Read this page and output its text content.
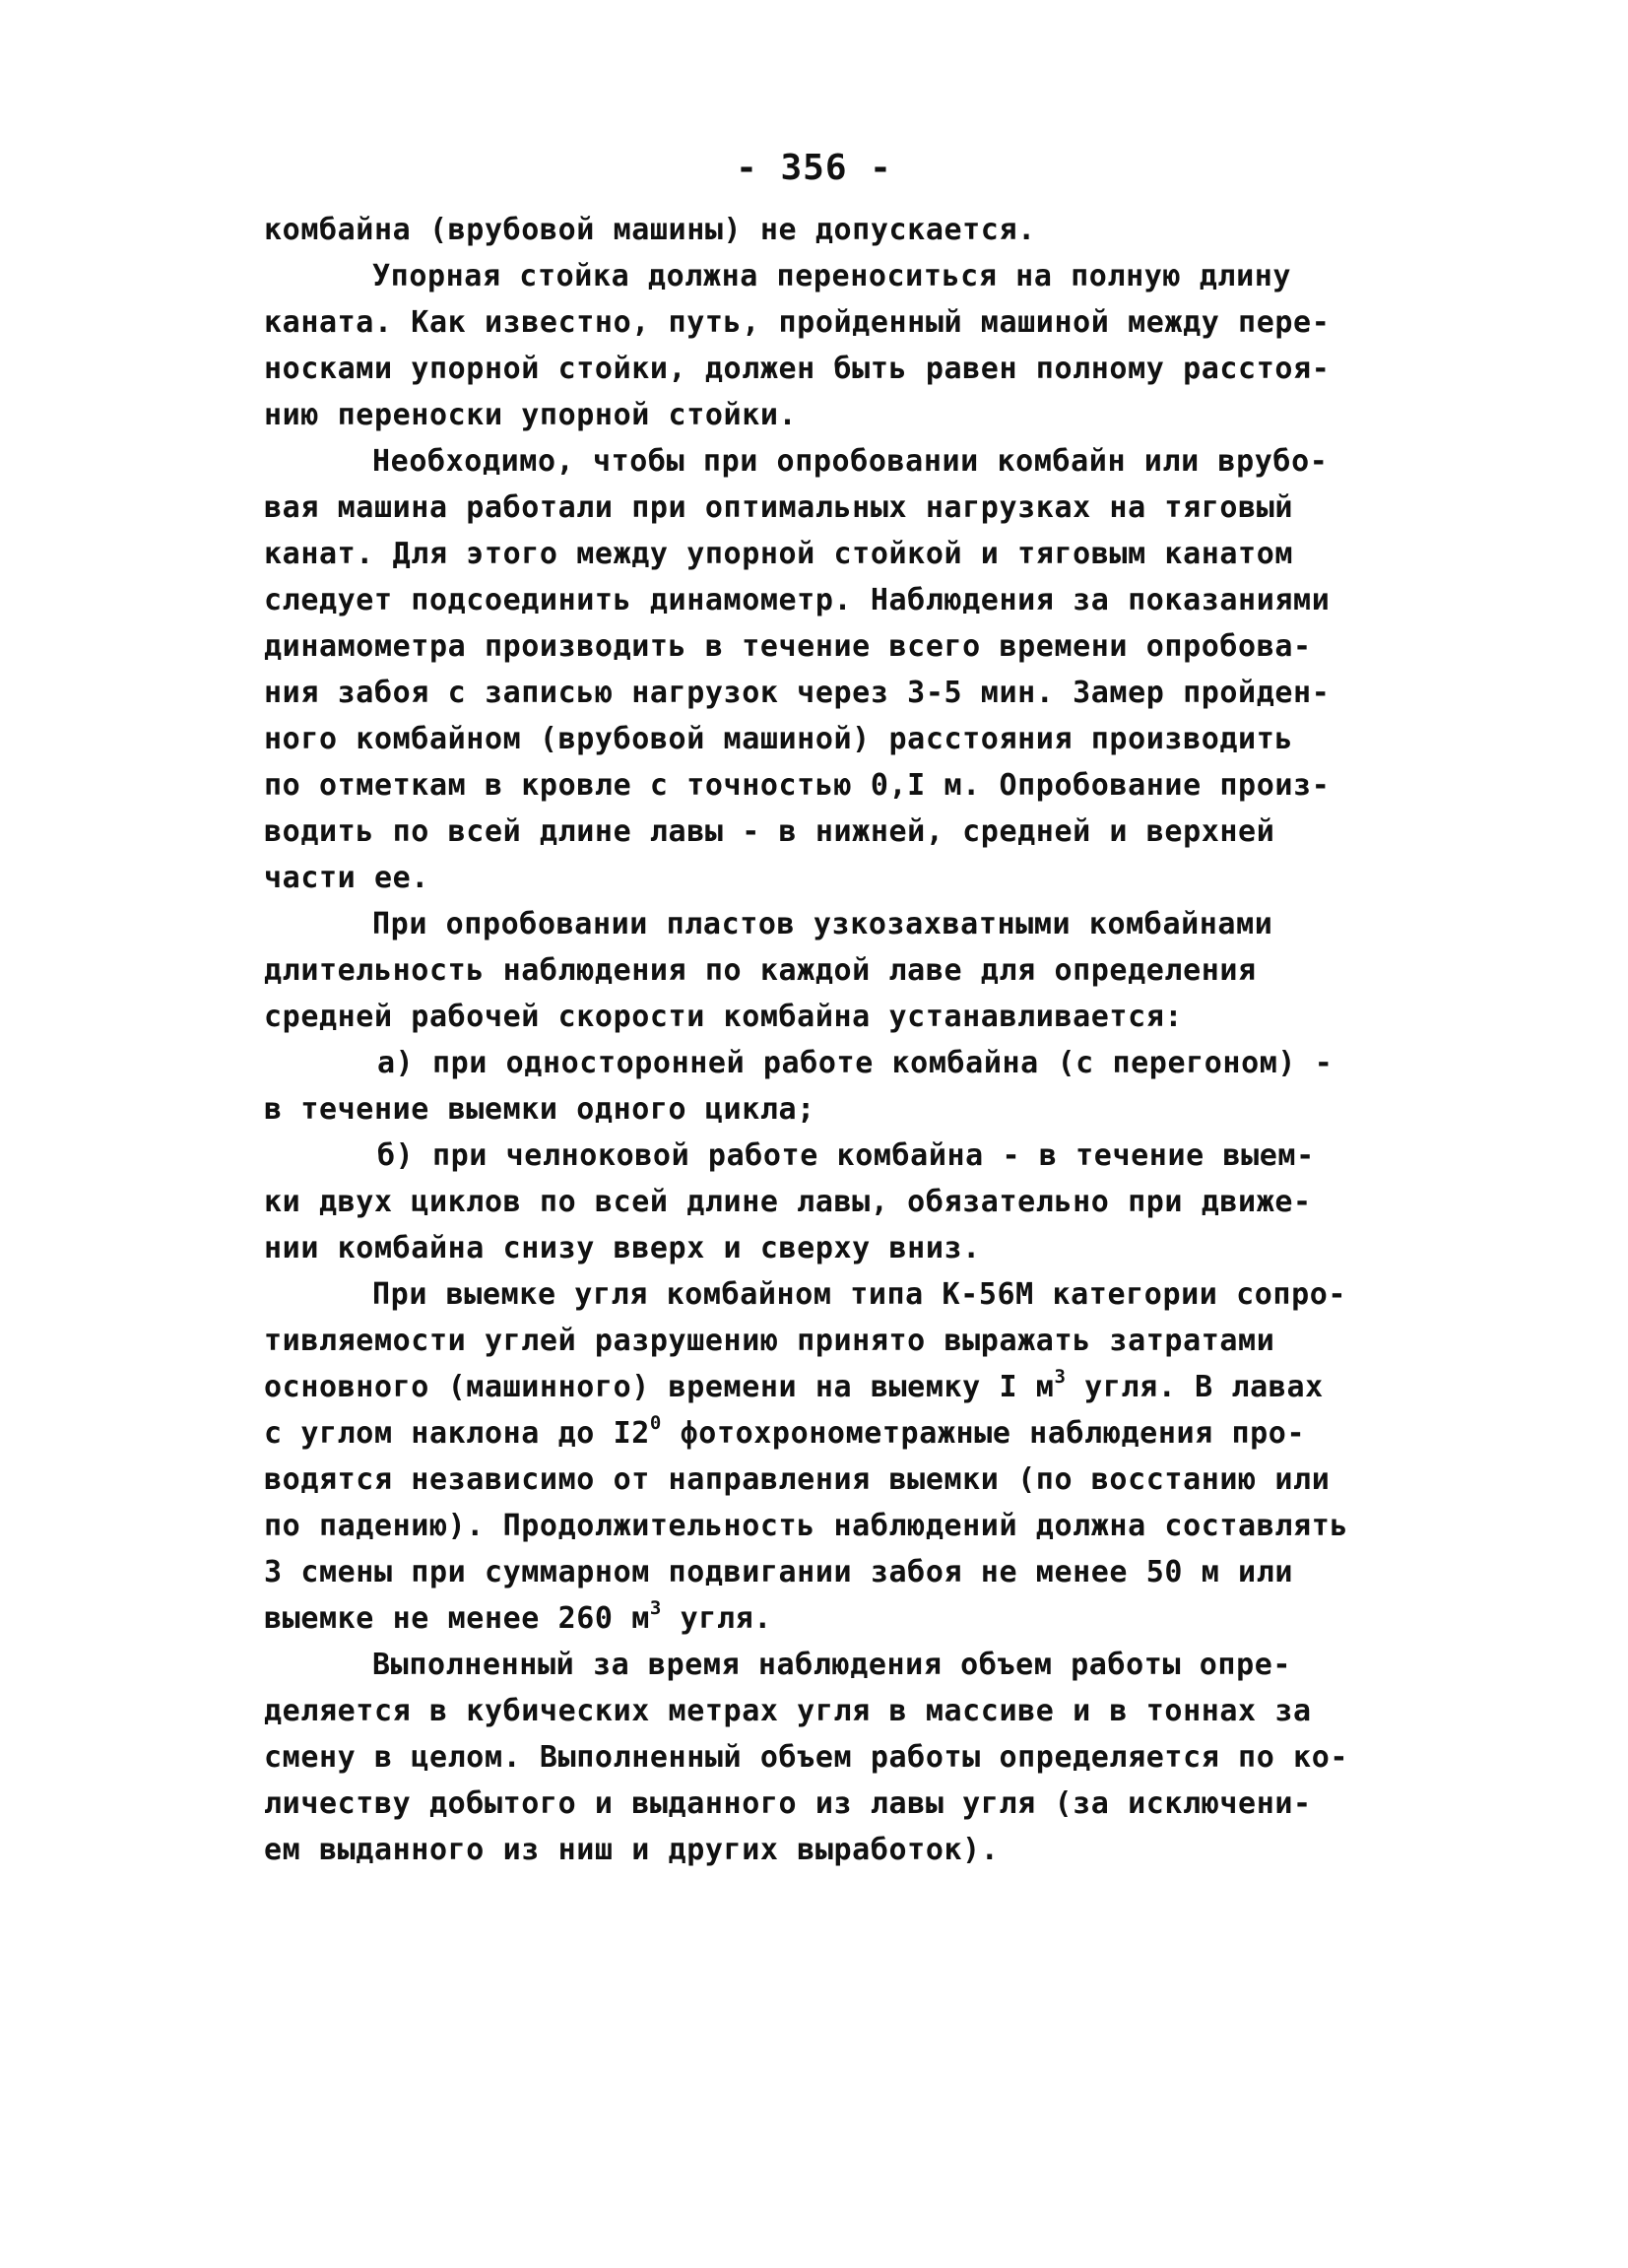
- 356 -
комбайна (врубовой машины) не допускается.
Упорная стойка должна переноситься на полную длину
каната. Как известно, путь, пройденный машиной между пере-
носками упорной стойки, должен быть равен полному расстоя-
нию переноски упорной стойки.
Необходимо, чтобы при опробовании комбайн или врубо-
вая машина работали при оптимальных нагрузках на тяговый
канат. Для этого между упорной стойкой и тяговым канатом
следует подсоединить динамометр. Наблюдения за показаниями
динамометра производить в течение всего времени опробова-
ния забоя с записью нагрузок через 3-5 мин. Замер пройден-
ного комбайном (врубовой машиной) расстояния производить
по отметкам в кровле с точностью 0,I м. Опробование произ-
водить по всей длине лавы - в нижней, средней и верхней
части ее.
При опробовании пластов узкозахватными комбайнами
длительность наблюдения по каждой лаве для определения
средней рабочей скорости комбайна устанавливается:
а) при односторонней работе комбайна (с перегоном) -
в течение выемки одного цикла;
б) при челноковой работе комбайна - в течение выем-
ки двух циклов по всей длине лавы, обязательно при движе-
нии комбайна снизу вверх и сверху вниз.
При выемке угля комбайном типа К-56М категории сопро-
тивляемости углей разрушению принято выражать затратами
основного (машинного) времени на выемку I $м^3$ угля. В лавах
с углом наклона до $I2^0$ фотохронометражные наблюдения про-
водятся независимо от направления выемки (по восстанию или
по падению). Продолжительность наблюдений должна составлять
3 смены при суммарном подвигании забоя не менее 50 м или
выемке не менее 260 $м^3$ угля.
Выполненный за время наблюдения объем работы опре-
деляется в кубических метрах угля в массиве и в тоннах за
смену в целом. Выполненный объем работы определяется по ко-
личеству добытого и выданного из лавы угля (за исключени-
ем выданного из ниш и других выработок).
